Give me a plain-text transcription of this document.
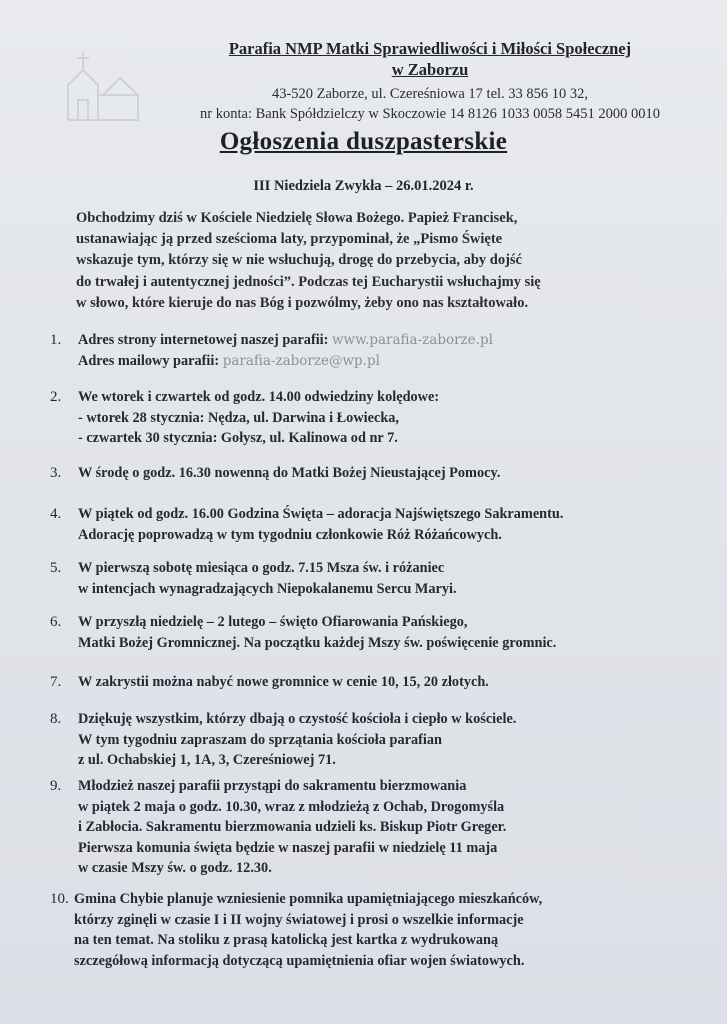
Parafia NMP Matki Sprawiedliwości i Miłości Społecznej
w Zaborzu
43-520 Zaborze, ul. Czereśniowa 17 tel. 33 856 10 32,
nr konta: Bank Spółdzielczy w Skoczowie 14 8126 1033 0058 5451 2000 0010
Ogłoszenia duszpasterskie
III Niedziela Zwykła – 26.01.2024 r.
Obchodzimy dziś w Kościele Niedzielę Słowa Bożego. Papież Francisek,
ustanawiając ją przed sześcioma laty, przypominał, że „Pismo Święte
wskazuje tym, którzy się w nie wsłuchują, drogę do przebycia, aby dojść
do trwałej i autentycznej jedności”. Podczas tej Eucharystii wsłuchajmy się
w słowo, które kieruje do nas Bóg i pozwólmy, żeby ono nas kształtowało.
1. Adres strony internetowej naszej parafii: www.parafia-zaborze.pl
Adres mailowy parafii: parafia-zaborze@wp.pl
2. We wtorek i czwartek od godz. 14.00 odwiedziny kolędowe:
- wtorek 28 stycznia: Nędza, ul. Darwina i Łowiecka,
- czwartek 30 stycznia: Gołysz, ul. Kalinowa od nr 7.
3. W środę o godz. 16.30 nowenną do Matki Bożej Nieustającej Pomocy.
4. W piątek od godz. 16.00 Godzina Święta – adoracja Najświętszego Sakramentu.
Adorację poprowadzą w tym tygodniu członkowie Róż Różańcowych.
5. W pierwszą sobotę miesiąca o godz. 7.15 Msza św. i różaniec
w intencjach wynagradzających Niepokalanemu Sercu Maryi.
6. W przyszłą niedzielę – 2 lutego – święto Ofiarowania Pańskiego,
Matki Bożej Gromnicznej. Na początku każdej Mszy św. poświęcenie gromnic.
7. W zakrystii można nabyć nowe gromnice w cenie 10, 15, 20 złotych.
8. Dziękuję wszystkim, którzy dbają o czystość kościoła i ciepło w kościele.
W tym tygodniu zapraszam do sprzątania kościoła parafian
z ul. Ochabskiej 1, 1A, 3, Czereśniowej 71.
9. Młodzież naszej parafii przystąpi do sakramentu bierzmowania
w piątek 2 maja o godz. 10.30, wraz z młodzieżą z Ochab, Drogomyśla
i Zabłocia. Sakramentu bierzmowania udzieli ks. Biskup Piotr Greger.
Pierwsza komunia święta będzie w naszej parafii w niedzielę 11 maja
w czasie Mszy św. o godz. 12.30.
10. Gmina Chybie planuje wzniesienie pomnika upamiętniającego mieszkańców,
którzy zginęli w czasie I i II wojny światowej i prosi o wszelkie informacje
na ten temat. Na stoliku z prasą katolicką jest kartka z wydrukowaną
szczegółową informacją dotyczącą upamiętnienia ofiar wojen światowych.
